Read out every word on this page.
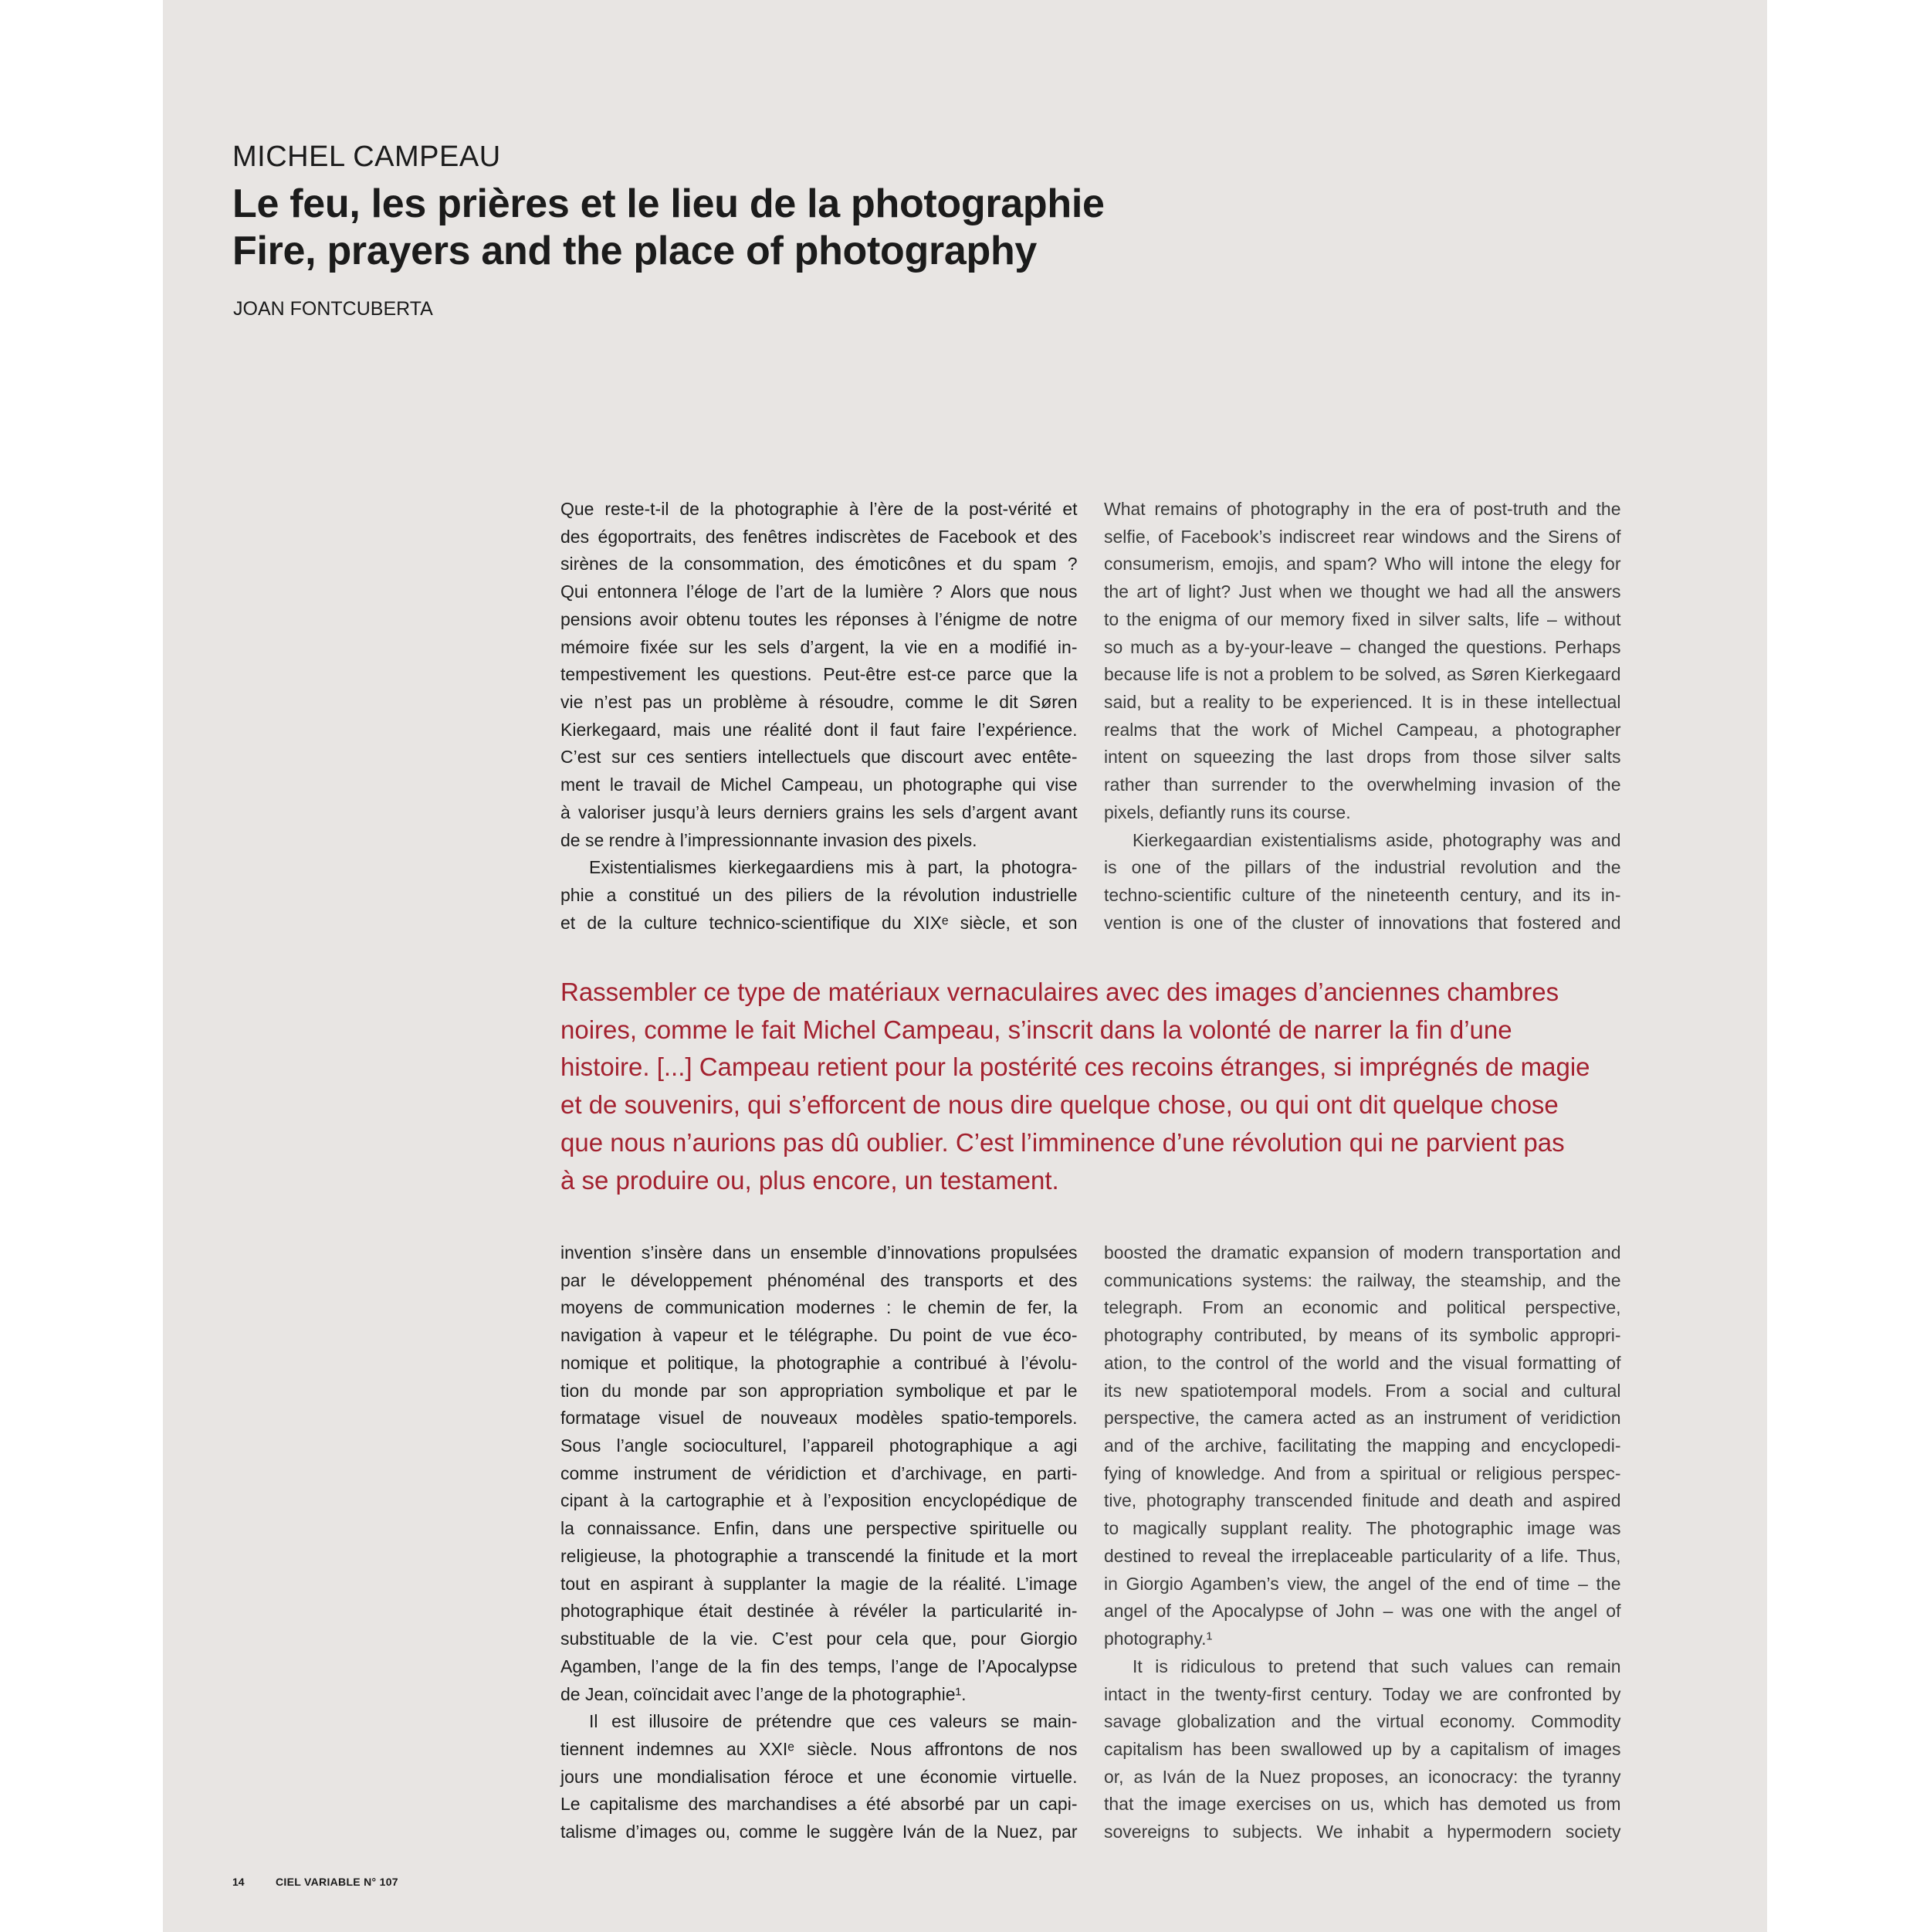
MICHEL CAMPEAU
Le feu, les prières et le lieu de la photographie
Fire, prayers and the place of photography
JOAN FONTCUBERTA
Que reste-t-il de la photographie à l’ère de la post-vérité et
des égoportraits, des fenêtres indiscrètes de Facebook et des
sirènes de la consommation, des émoticônes et du spam ?
Qui entonnera l’éloge de l’art de la lumière ? Alors que nous
pensions avoir obtenu toutes les réponses à l’énigme de notre
mémoire fixée sur les sels d’argent, la vie en a modifié in-
tempestivement les questions. Peut-être est-ce parce que la
vie n’est pas un problème à résoudre, comme le dit Søren
Kierkegaard, mais une réalité dont il faut faire l’expérience.
C’est sur ces sentiers intellectuels que discourt avec entête-
ment le travail de Michel Campeau, un photographe qui vise
à valoriser jusqu’à leurs derniers grains les sels d’argent avant
de se rendre à l’impressionnante invasion des pixels.
Existentialismes kierkegaardiens mis à part, la photogra-
phie a constitué un des piliers de la révolution industrielle
et de la culture technico-scientifique du XIXᵉ siècle, et son
What remains of photography in the era of post-truth and the
selfie, of Facebook’s indiscreet rear windows and the Sirens of
consumerism, emojis, and spam? Who will intone the elegy for
the art of light? Just when we thought we had all the answers
to the enigma of our memory fixed in silver salts, life – without
so much as a by-your-leave – changed the questions. Perhaps
because life is not a problem to be solved, as Søren Kierkegaard
said, but a reality to be experienced. It is in these intellectual
realms that the work of Michel Campeau, a photographer
intent on squeezing the last drops from those silver salts
rather than surrender to the overwhelming invasion of the
pixels, defiantly runs its course.
Kierkegaardian existentialisms aside, photography was and
is one of the pillars of the industrial revolution and the
techno-scientific culture of the nineteenth century, and its in-
vention is one of the cluster of innovations that fostered and
Rassembler ce type de matériaux vernaculaires avec des images d’anciennes chambres
noires, comme le fait Michel Campeau, s’inscrit dans la volonté de narrer la fin d’une
histoire. [...] Campeau retient pour la postérité ces recoins étranges, si imprégnés de magie
et de souvenirs, qui s’efforcent de nous dire quelque chose, ou qui ont dit quelque chose
que nous n’aurions pas dû oublier. C’est l’imminence d’une révolution qui ne parvient pas
à se produire ou, plus encore, un testament.
invention s’insère dans un ensemble d’innovations propulsées
par le développement phénoménal des transports et des
moyens de communication modernes : le chemin de fer, la
navigation à vapeur et le télégraphe. Du point de vue éco-
nomique et politique, la photographie a contribué à l’évolu-
tion du monde par son appropriation symbolique et par le
formatage visuel de nouveaux modèles spatio-temporels.
Sous l’angle socioculturel, l’appareil photographique a agi
comme instrument de véridiction et d’archivage, en parti-
cipant à la cartographie et à l’exposition encyclopédique de
la connaissance. Enfin, dans une perspective spirituelle ou
religieuse, la photographie a transcendé la finitude et la mort
tout en aspirant à supplanter la magie de la réalité. L’image
photographique était destinée à révéler la particularité in-
substituable de la vie. C’est pour cela que, pour Giorgio
Agamben, l’ange de la fin des temps, l’ange de l’Apocalypse
de Jean, coïncidait avec l’ange de la photographie¹.
Il est illusoire de prétendre que ces valeurs se main-
tiennent indemnes au XXIᵉ siècle. Nous affrontons de nos
jours une mondialisation féroce et une économie virtuelle.
Le capitalisme des marchandises a été absorbé par un capi-
talisme d’images ou, comme le suggère Iván de la Nuez, par
boosted the dramatic expansion of modern transportation and
communications systems: the railway, the steamship, and the
telegraph. From an economic and political perspective,
photography contributed, by means of its symbolic appropri-
ation, to the control of the world and the visual formatting of
its new spatiotemporal models. From a social and cultural
perspective, the camera acted as an instrument of veridiction
and of the archive, facilitating the mapping and encyclopedi-
fying of knowledge. And from a spiritual or religious perspec-
tive, photography transcended finitude and death and aspired
to magically supplant reality. The photographic image was
destined to reveal the irreplaceable particularity of a life. Thus,
in Giorgio Agamben’s view, the angel of the end of time – the
angel of the Apocalypse of John – was one with the angel of
photography.¹
It is ridiculous to pretend that such values can remain
intact in the twenty-first century. Today we are confronted by
savage globalization and the virtual economy. Commodity
capitalism has been swallowed up by a capitalism of images
or, as Iván de la Nuez proposes, an iconocracy: the tyranny
that the image exercises on us, which has demoted us from
sovereigns to subjects. We inhabit a hypermodern society
14	CIEL VARIABLE N° 107
